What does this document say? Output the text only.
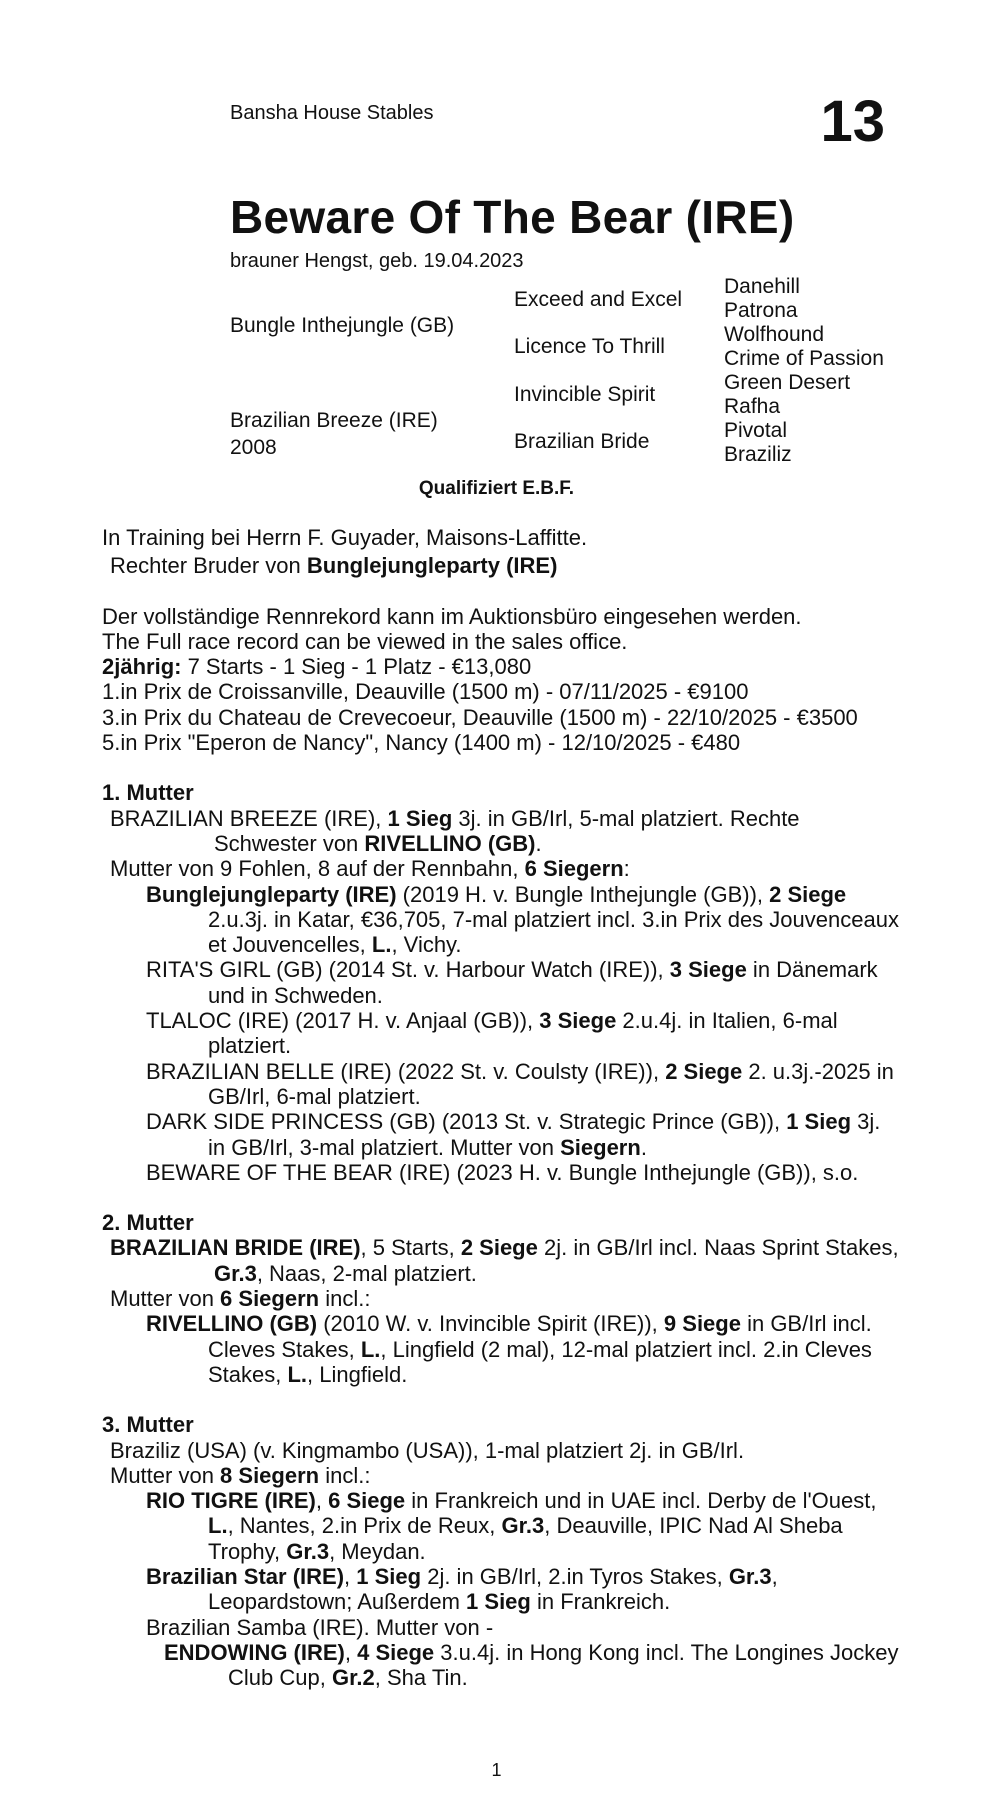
Bansha House Stables	13
Beware Of The Bear (IRE)
brauner Hengst, geb. 19.04.2023
Bungle Inthejungle (GB)
Brazilian Breeze (IRE)
2008
Exceed and Excel
Licence To Thrill
Invincible Spirit
Brazilian Bride
Danehill
Patrona
Wolfhound
Crime of Passion
Green Desert
Rafha
Pivotal
Braziliz
Qualifiziert E.B.F.

In Training bei Herrn F. Guyader, Maisons-Laffitte.

Rechter Bruder von Bunglejungleparty (IRE)

Der vollständige Rennrekord kann im Auktionsbüro eingesehen werden.

The Full race record can be viewed in the sales office.

2jährig: 7 Starts - 1 Sieg - 1 Platz - €13,080

1.in Prix de Croissanville, Deauville (1500 m) - 07/11/2025 - €9100

3.in Prix du Chateau de Crevecoeur, Deauville (1500 m) - 22/10/2025 - €3500

5.in Prix "Eperon de Nancy", Nancy (1400 m) - 12/10/2025 - €480

1. Mutter

BRAZILIAN BREEZE (IRE), 1 Sieg 3j. in GB/Irl, 5-mal platziert. Rechte Schwester von RIVELLINO (GB).

Mutter von 9 Fohlen, 8 auf der Rennbahn, 6 Siegern:

Bunglejungleparty (IRE) (2019 H. v. Bungle Inthejungle (GB)), 2 Siege 2.u.3j. in Katar, €36,705, 7-mal platziert incl. 3.in Prix des Jouvenceaux et Jouvencelles, L., Vichy.

RITA'S GIRL (GB) (2014 St. v. Harbour Watch (IRE)), 3 Siege in Dänemark und in Schweden.

TLALOC (IRE) (2017 H. v. Anjaal (GB)), 3 Siege 2.u.4j. in Italien, 6-mal platziert.

BRAZILIAN BELLE (IRE) (2022 St. v. Coulsty (IRE)), 2 Siege 2. u.3j.-2025 in GB/Irl, 6-mal platziert.

DARK SIDE PRINCESS (GB) (2013 St. v. Strategic Prince (GB)), 1 Sieg 3j. in GB/Irl, 3-mal platziert. Mutter von Siegern.

BEWARE OF THE BEAR (IRE) (2023 H. v. Bungle Inthejungle (GB)), s.o.

2. Mutter

BRAZILIAN BRIDE (IRE), 5 Starts, 2 Siege 2j. in GB/Irl incl. Naas Sprint Stakes, Gr.3, Naas, 2-mal platziert.

Mutter von 6 Siegern incl.:

RIVELLINO (GB) (2010 W. v. Invincible Spirit (IRE)), 9 Siege in GB/Irl incl. Cleves Stakes, L., Lingfield (2 mal), 12-mal platziert incl. 2.in Cleves Stakes, L., Lingfield.

3. Mutter

Braziliz (USA) (v. Kingmambo (USA)), 1-mal platziert 2j. in GB/Irl.

Mutter von 8 Siegern incl.:

RIO TIGRE (IRE), 6 Siege in Frankreich und in UAE incl. Derby de l'Ouest, L., Nantes, 2.in Prix de Reux, Gr.3, Deauville, IPIC Nad Al Sheba Trophy, Gr.3, Meydan.

Brazilian Star (IRE), 1 Sieg 2j. in GB/Irl, 2.in Tyros Stakes, Gr.3, Leopardstown; Außerdem 1 Sieg in Frankreich.

Brazilian Samba (IRE). Mutter von -

ENDOWING (IRE), 4 Siege 3.u.4j. in Hong Kong incl. The Longines Jockey Club Cup, Gr.2, Sha Tin.

1
